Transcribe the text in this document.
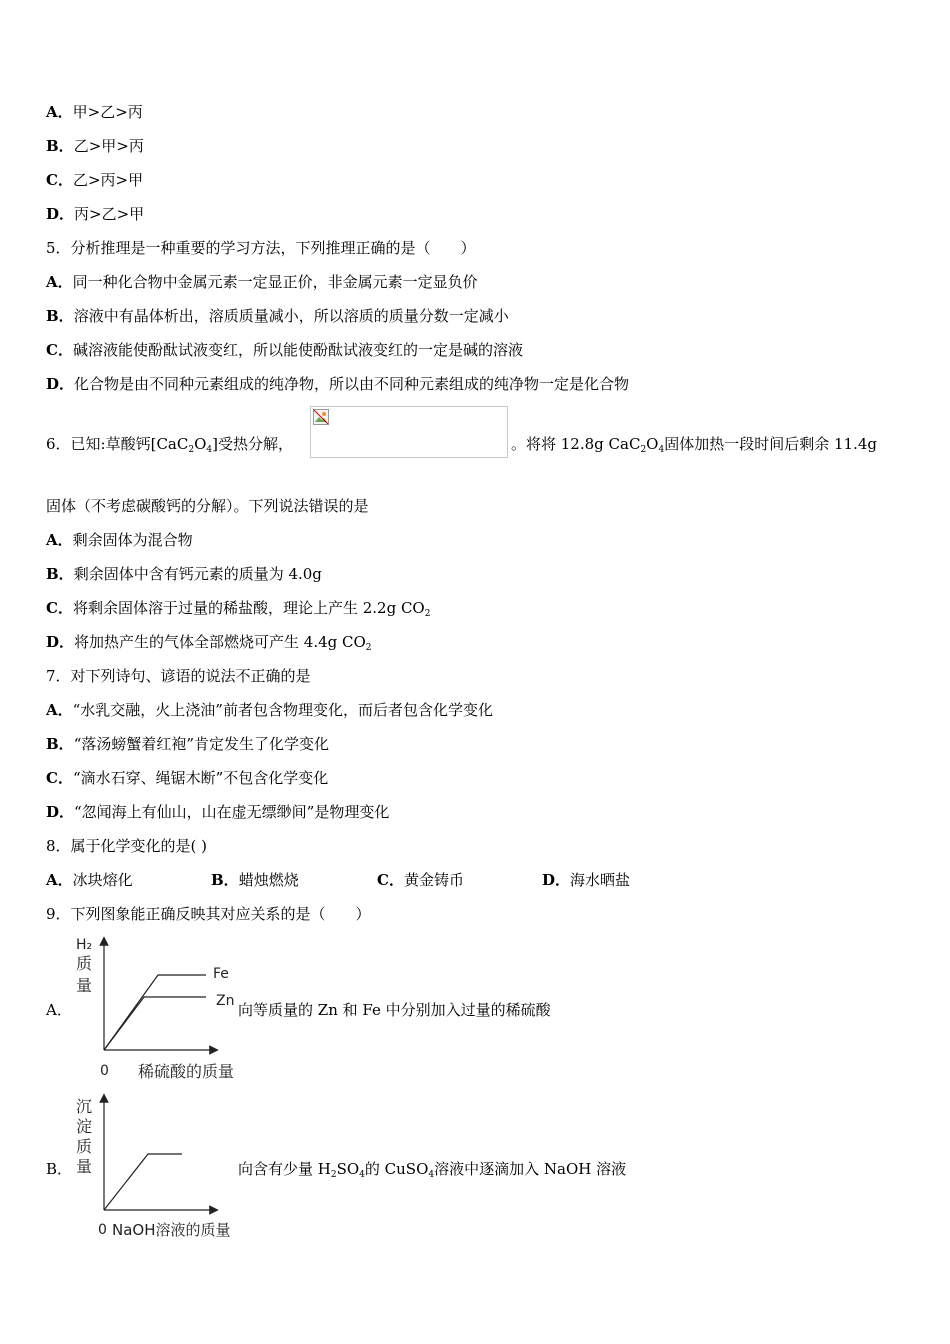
A．甲>乙>丙
B．乙>甲>丙
C．乙>丙>甲
D．丙>乙>甲
5．分析推理是一种重要的学习方法，下列推理正确的是（　　）
A．同一种化合物中金属元素一定显正价，非金属元素一定显负价
B．溶液中有晶体析出，溶质质量减小，所以溶质的质量分数一定减小
C．碱溶液能使酚酞试液变红，所以能使酚酞试液变红的一定是碱的溶液
D．化合物是由不同种元素组成的纯净物，所以由不同种元素组成的纯净物一定是化合物
6．已知:草酸钙$[CaC_2O_4]$受热分解，	。将将 12.8g $CaC_2O_4$固体加热一段时间后剩余 11.4g
固体（不考虑碳酸钙的分解）。下列说法错误的是
A．剩余固体为混合物
B．剩余固体中含有钙元素的质量为 4.0g
C．将剩余固体溶于过量的稀盐酸，理论上产生 2.2g $CO_2$
D．将加热产生的气体全部燃烧可产生 4.4g $CO_2$
7．对下列诗句、谚语的说法不正确的是
A．“水乳交融，火上浇油”前者包含物理变化，而后者包含化学变化
B．“落汤螃蟹着红袍”肯定发生了化学变化
C．“滴水石穿、绳锯木断”不包含化学变化
D．“忽闻海上有仙山，山在虚无缥缈间”是物理变化
8．属于化学变化的是( )
A．冰块熔化	B．蜡烛燃烧	C．黄金铸币	D．海水晒盐
9．下列图象能正确反映其对应关系的是（　　）
A．
H₂
质
量
Fe
Zn
0 稀硫酸的质量
向等质量的 Zn 和 Fe 中分别加入过量的稀硫酸
B．
沉
淀
质
量
0 NaOH溶液的质量
向含有少量 $H_2SO_4$的 CuSO$_4$溶液中逐滴加入 NaOH 溶液
